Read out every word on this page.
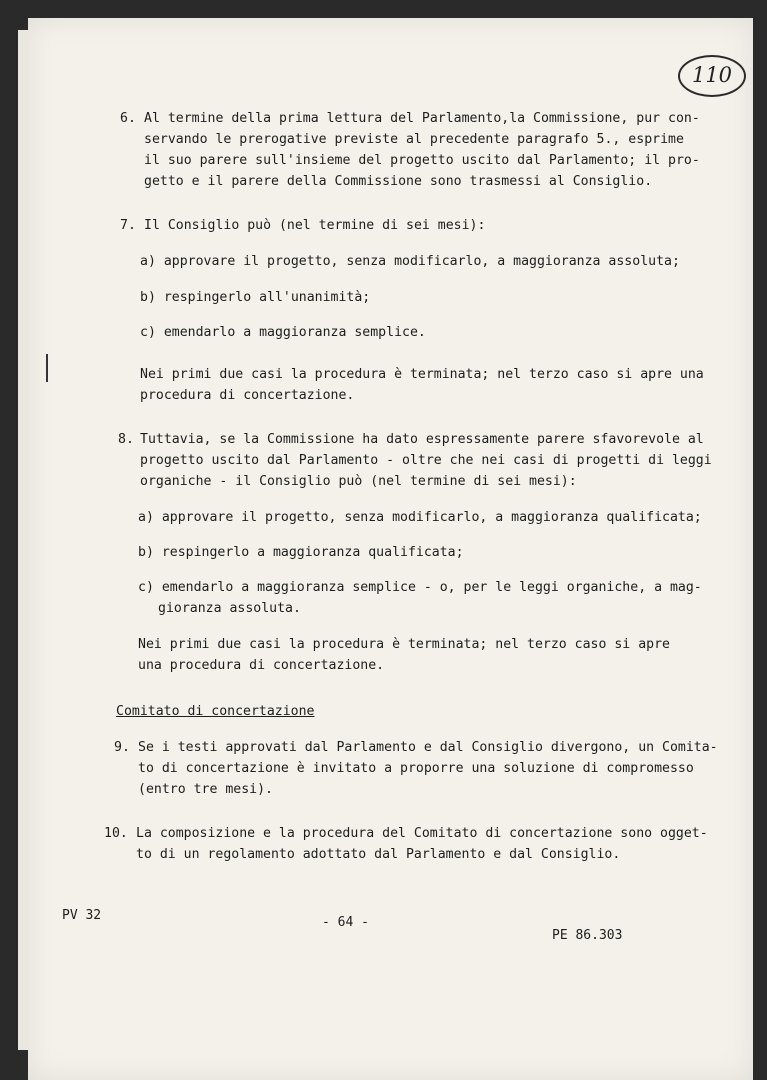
110
6. Al termine della prima lettura del Parlamento,la Commissione, pur con-

servando le prerogative previste al precedente paragrafo 5., esprime

il suo parere sull'insieme del progetto uscito dal Parlamento; il pro-

getto e il parere della Commissione sono trasmessi al Consiglio.

7. Il Consiglio può (nel termine di sei mesi):

a) approvare il progetto, senza modificarlo, a maggioranza assoluta;

b) respingerlo all'unanimità;

c) emendarlo a maggioranza semplice.

Nei primi due casi la procedura è terminata; nel terzo caso si apre una

procedura di concertazione.

8. Tuttavia, se la Commissione ha dato espressamente parere sfavorevole al

progetto uscito dal Parlamento - oltre che nei casi di progetti di leggi

organiche - il Consiglio può (nel termine di sei mesi):

a) approvare il progetto, senza modificarlo, a maggioranza qualificata;

b) respingerlo a maggioranza qualificata;

c) emendarlo a maggioranza semplice - o, per le leggi organiche, a mag-

gioranza assoluta.

Nei primi due casi la procedura è terminata; nel terzo caso si apre

una procedura di concertazione.

Comitato di concertazione
9. Se i testi approvati dal Parlamento e dal Consiglio divergono, un Comita-

to di concertazione è invitato a proporre una soluzione di compromesso

(entro tre mesi).

10. La composizione e la procedura del Comitato di concertazione sono ogget-

to di un regolamento adottato dal Parlamento e dal Consiglio.

PV 32	- 64 -
PE 86.303
